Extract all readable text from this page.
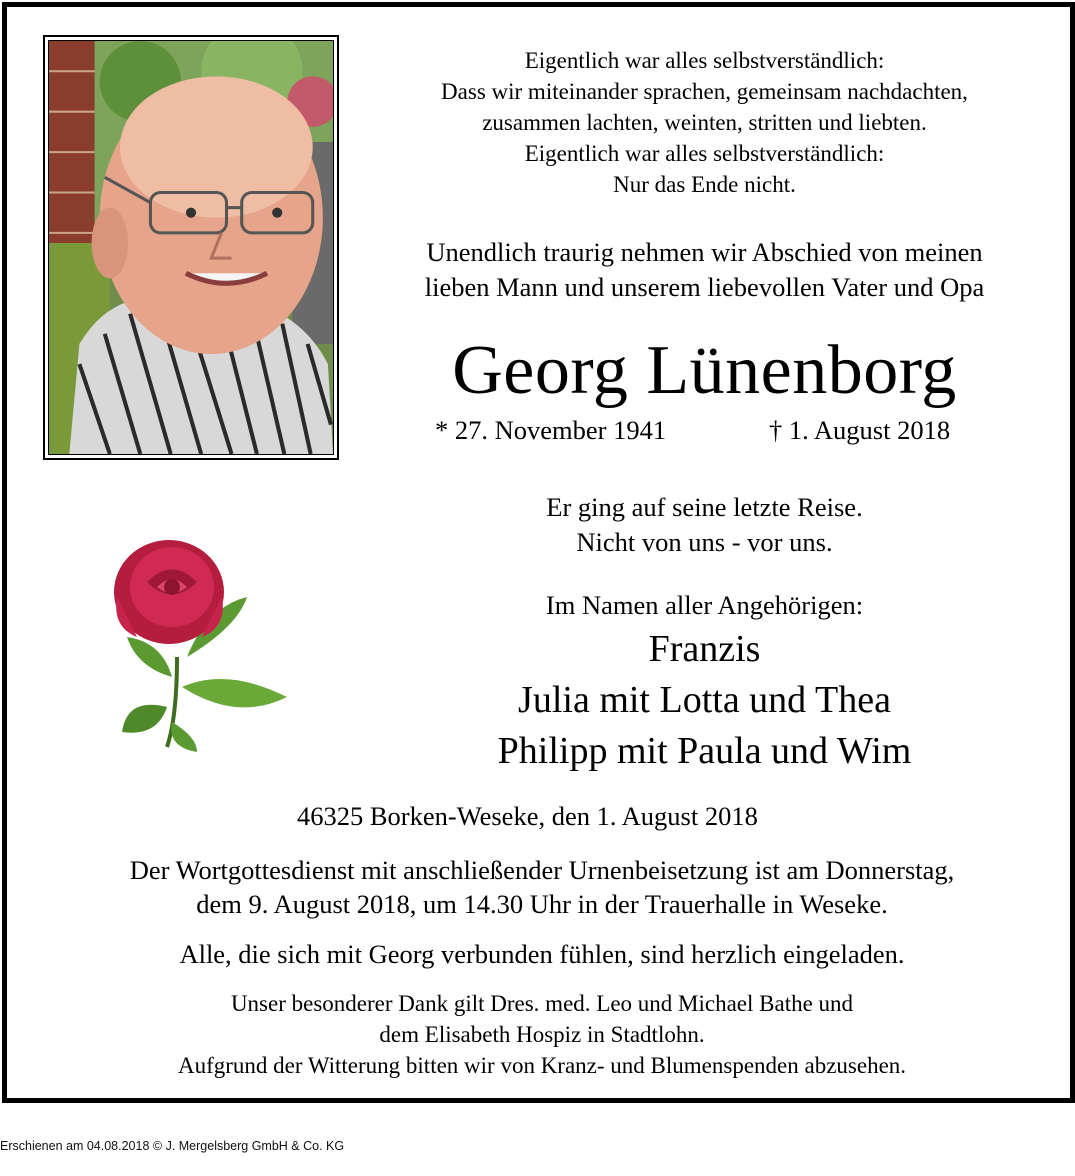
Eigentlich war alles selbstverständlich:
Dass wir miteinander sprachen, gemeinsam nachdachten,
zusammen lachten, weinten, stritten und liebten.
Eigentlich war alles selbstverständlich:
Nur das Ende nicht.
Unendlich traurig nehmen wir Abschied von meinen
lieben Mann und unserem liebevollen Vater und Opa
Georg Lünenborg
* 27. November 1941	† 1. August 2018
Er ging auf seine letzte Reise.
Nicht von uns - vor uns.
Im Namen aller Angehörigen:
Franzis
Julia mit Lotta und Thea
Philipp mit Paula und Wim
46325 Borken-Weseke, den 1. August 2018
Der Wortgottesdienst mit anschließender Urnenbeisetzung ist am Donnerstag,
dem 9. August 2018, um 14.30 Uhr in der Trauerhalle in Weseke.
Alle, die sich mit Georg verbunden fühlen, sind herzlich eingeladen.
Unser besonderer Dank gilt Dres. med. Leo und Michael Bathe und
dem Elisabeth Hospiz in Stadtlohn.
Aufgrund der Witterung bitten wir von Kranz- und Blumenspenden abzusehen.
Erschienen am 04.08.2018 © J. Mergelsberg GmbH & Co. KG
